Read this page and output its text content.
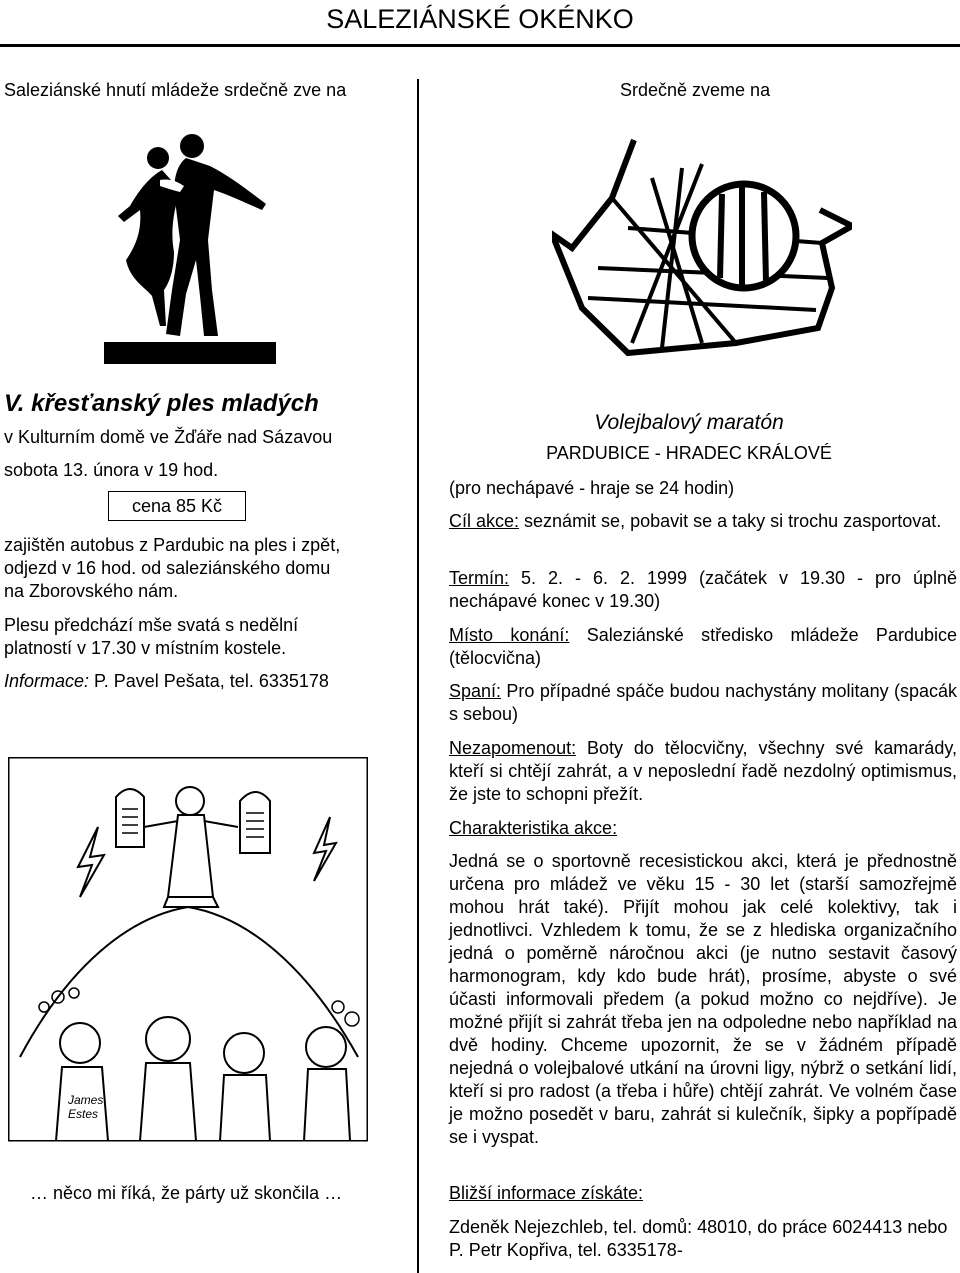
SALEZIÁNSKÉ OKÉNKO
Saleziánské hnutí mládeže srdečně zve na
V. křesťanský ples mladých
v Kulturním domě ve Žďáře nad Sázavou
sobota 13. února v 19 hod.
cena 85 Kč
zajištěn autobus z Pardubic na ples i zpět,
odjezd v 16 hod. od saleziánského domu
na Zborovského nám.
Plesu předchází mše svatá s nedělní
platností v 17.30 v místním kostele.
Informace: P. Pavel Pešata, tel. 6335178
James Estes
… něco mi říká, že párty už skončila …
Srdečně zveme na
Volejbalový maratón
PARDUBICE - HRADEC KRÁLOVÉ
(pro nechápavé - hraje se 24 hodin)
Cíl akce: seznámit se, pobavit se a taky si trochu zasportovat.
Termín: 5. 2. - 6. 2. 1999 (začátek v 19.30 - pro úplně nechápavé konec v 19.30)
Místo konání: Saleziánské středisko mládeže Pardubice (tělocvična)
Spaní: Pro případné spáče budou nachystány molitany (spacák s sebou)
Nezapomenout: Boty do tělocvičny, všechny své kamarády, kteří si chtějí zahrát, a v neposlední řadě nezdolný optimismus, že jste to schopni přežít.
Charakteristika akce:
Jedná se o sportovně recesistickou akci, která je přednostně určena pro mládež ve věku 15 - 30 let (starší samozřejmě mohou hrát také). Přijít mohou jak celé kolektivy, tak i jednotlivci. Vzhledem k tomu, že se z hlediska organizačního jedná o poměrně náročnou akci (je nutno sestavit časový harmonogram, kdy kdo bude hrát), prosíme, abyste o své účasti informovali předem (a pokud možno co nejdříve). Je možné přijít si zahrát třeba jen na odpoledne nebo například na dvě hodiny. Chceme upozornit, že se v žádném případě nejedná o volejbalové utkání na úrovni ligy, nýbrž o setkání lidí, kteří si pro radost (a třeba i hůře) chtějí zahrát. Ve volném čase je možno posedět v baru, zahrát si kulečník, šipky a popřípadě se i vyspat.
Bližší informace získáte:
Zdeněk Nejezchleb, tel. domů: 48010, do práce 6024413 nebo P. Petr Kopřiva, tel. 6335178-
